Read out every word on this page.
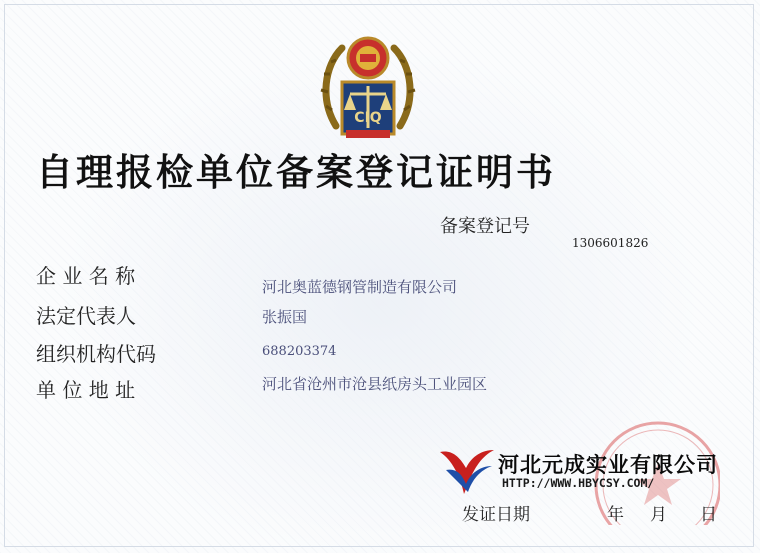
CIQ
自理报检单位备案登记证明书
备案登记号
1306601826
企 业 名 称	河北奥蓝德钢管制造有限公司
法定代表人	张振国
组织机构代码	688203374
单 位 地 址	河北省沧州市沧县纸房头工业园区
发证日期	年 月 日
河北元成实业有限公司
HTTP://WWW.HBYCSY.COM/
